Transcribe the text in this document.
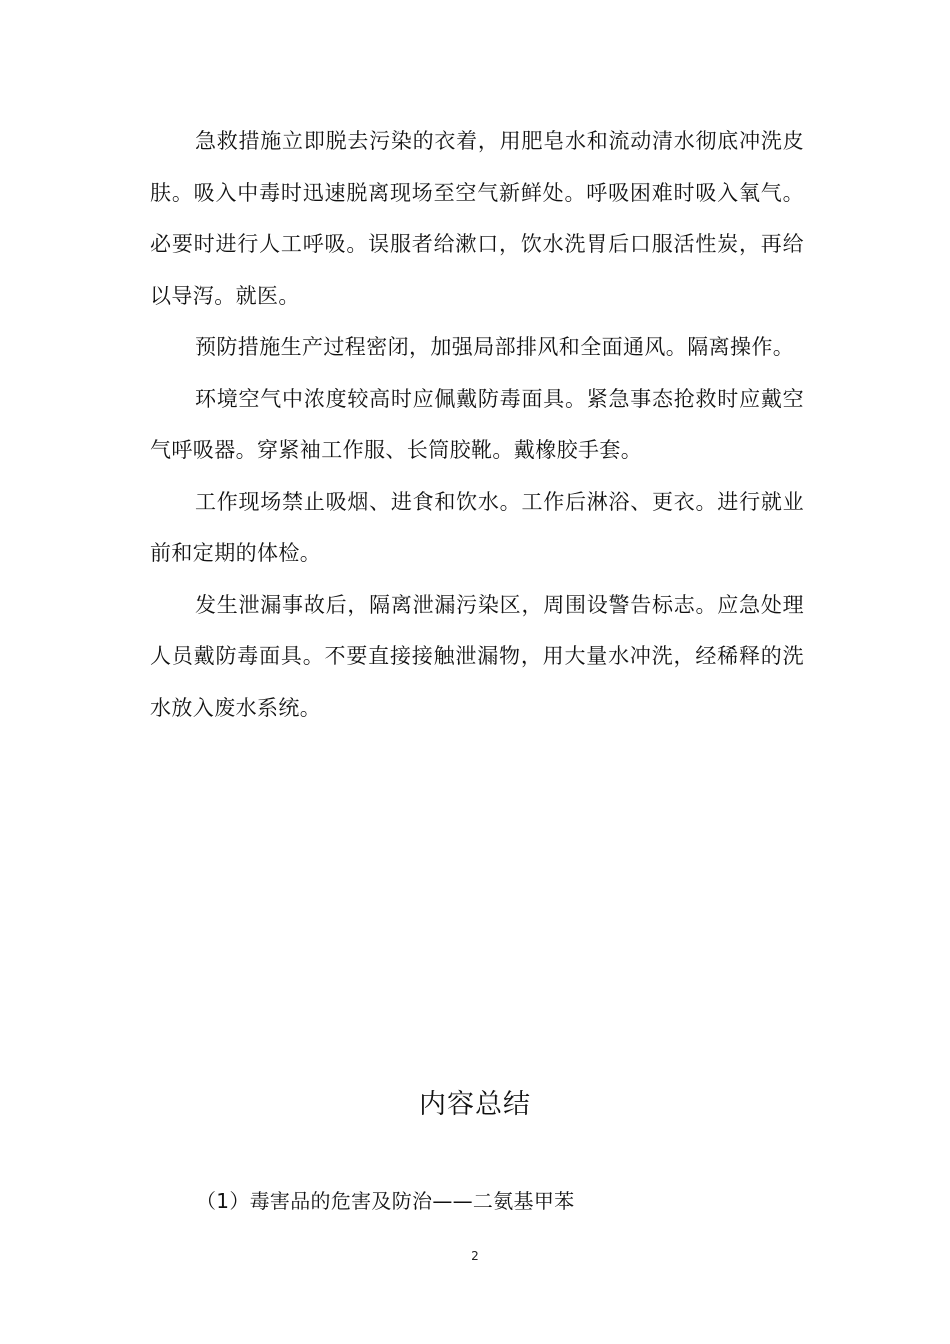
急救措施立即脱去污染的衣着，用肥皂水和流动清水彻底冲洗皮肤。吸入中毒时迅速脱离现场至空气新鲜处。呼吸困难时吸入氧气。必要时进行人工呼吸。误服者给漱口，饮水洗胃后口服活性炭，再给以导泻。就医。

预防措施生产过程密闭，加强局部排风和全面通风。隔离操作。

环境空气中浓度较高时应佩戴防毒面具。紧急事态抢救时应戴空气呼吸器。穿紧袖工作服、长筒胶靴。戴橡胶手套。

工作现场禁止吸烟、进食和饮水。工作后淋浴、更衣。进行就业前和定期的体检。

发生泄漏事故后，隔离泄漏污染区，周围设警告标志。应急处理人员戴防毒面具。不要直接接触泄漏物，用大量水冲洗，经稀释的洗水放入废水系统。

内容总结

（1）毒害品的危害及防治——二氨基甲苯

2
